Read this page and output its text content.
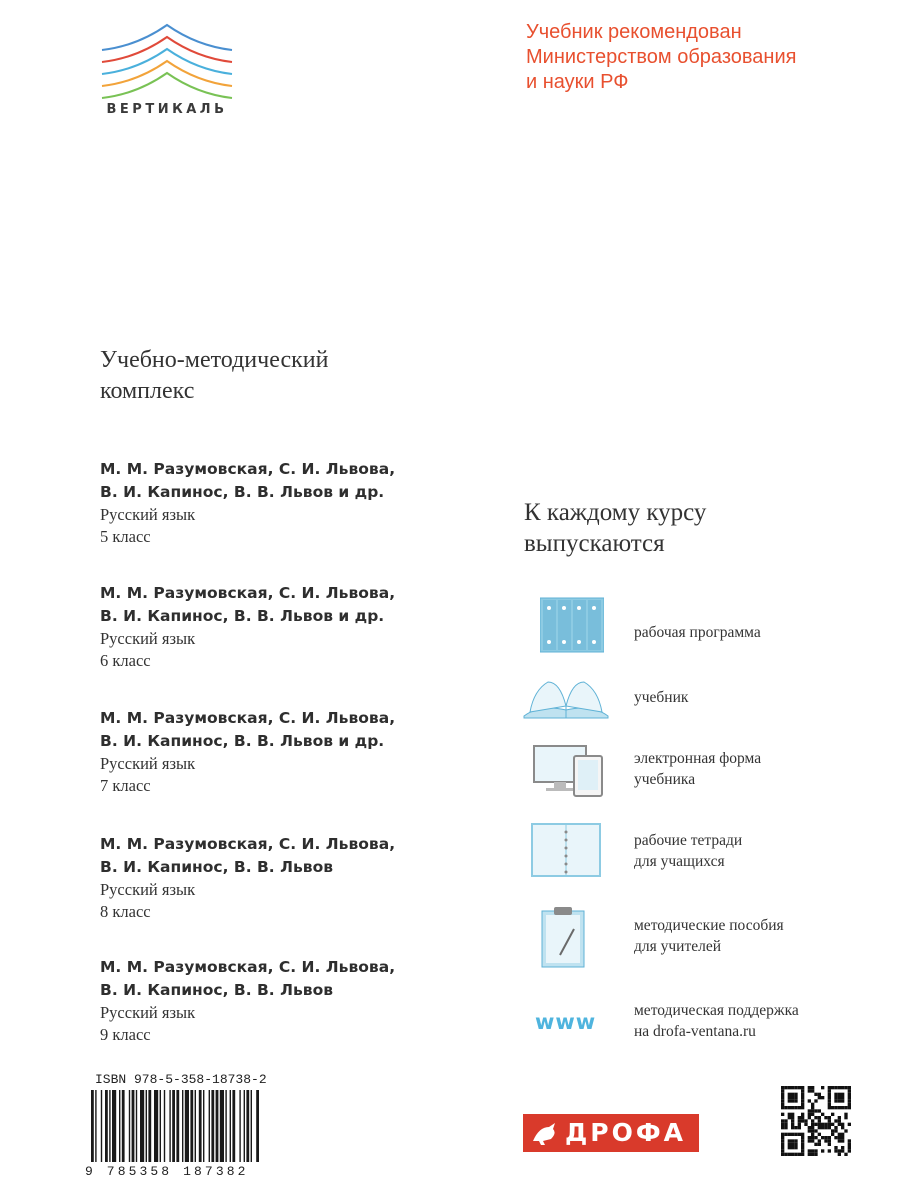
ВЕРТИКАЛЬ
Учебник рекомендован
Министерством образования
и науки РФ
Учебно-методический
комплекс
М. М. Разумовская, С. И. Львова,
В. И. Капинос, В. В. Львов и др.
Русский язык
5 класс
М. М. Разумовская, С. И. Львова,
В. И. Капинос, В. В. Львов и др.
Русский язык
6 класс
М. М. Разумовская, С. И. Львова,
В. И. Капинос, В. В. Львов и др.
Русский язык
7 класс
М. М. Разумовская, С. И. Львова,
В. И. Капинос, В. В. Львов
Русский язык
8 класс
М. М. Разумовская, С. И. Львова,
В. И. Капинос, В. В. Львов
Русский язык
9 класс
К каждому курсу
выпускаются
рабочая программа
учебник
электронная форма
учебника
рабочие тетради
для учащихся
методические пособия
для учителей
www методическая поддержка
на drofa-ventana.ru
ISBN 978-5-358-18738-2
9 785358 187382
ДРОФА
